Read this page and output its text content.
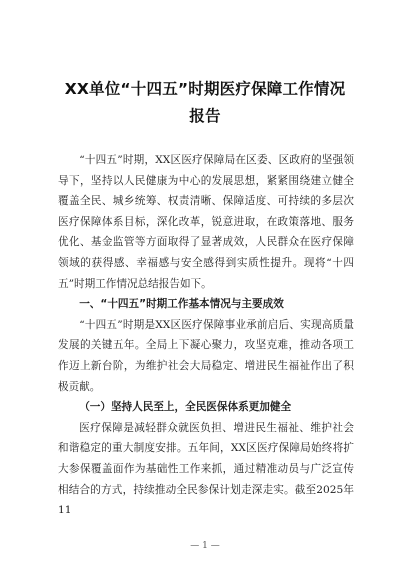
XX单位“十四五”时期医疗保障工作情况报告

“十四五”时期，XX区医疗保障局在区委、区政府的坚强领导下，坚持以人民健康为中心的发展思想，紧紧围绕建立健全覆盖全民、城乡统筹、权责清晰、保障适度、可持续的多层次医疗保障体系目标，深化改革，锐意进取，在政策落地、服务优化、基金监管等方面取得了显著成效，人民群众在医疗保障领域的获得感、幸福感与安全感得到实质性提升。现将“十四五”时期工作情况总结报告如下。

一、“十四五”时期工作基本情况与主要成效

“十四五”时期是XX区医疗保障事业承前启后、实现高质量发展的关键五年。全局上下凝心聚力，攻坚克难，推动各项工作迈上新台阶，为维护社会大局稳定、增进民生福祉作出了积极贡献。

（一）坚持人民至上，全民医保体系更加健全

医疗保障是减轻群众就医负担、增进民生福祉、维护社会和谐稳定的重大制度安排。五年间，XX区医疗保障局始终将扩大参保覆盖面作为基础性工作来抓，通过精准动员与广泛宣传相结合的方式，持续推动全民参保计划走深走实。截至2025年11

— 1 —
